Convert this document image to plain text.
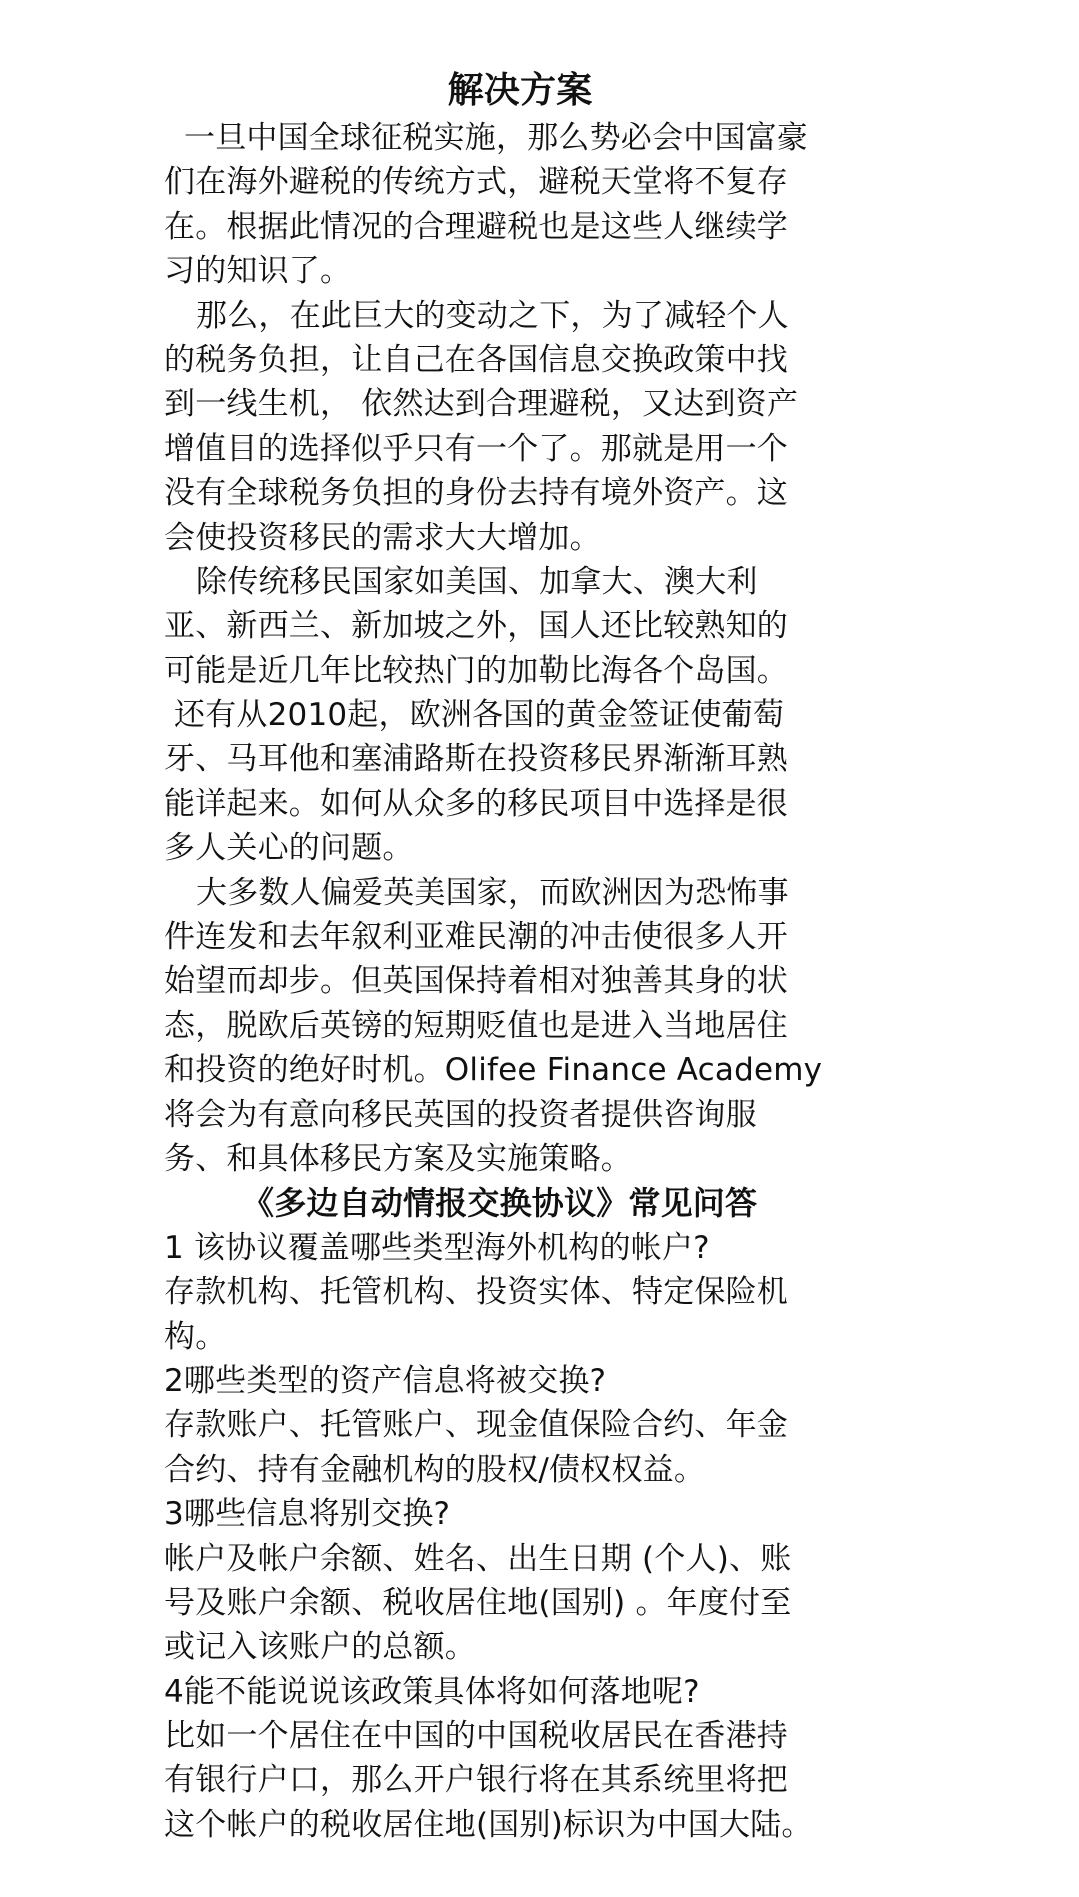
解决方案
一旦中国全球征税实施，那么势必会中国富豪
们在海外避税的传统方式，避税天堂将不复存
在。根据此情况的合理避税也是这些人继续学
习的知识了。
那么，在此巨大的变动之下，为了减轻个人
的税务负担，让自己在各国信息交换政策中找
到一线生机， 依然达到合理避税，又达到资产
增值目的选择似乎只有一个了。那就是用一个
没有全球税务负担的身份去持有境外资产。这
会使投资移民的需求大大增加。
除传统移民国家如美国、加拿大、澳大利
亚、新西兰、新加坡之外，国人还比较熟知的
可能是近几年比较热门的加勒比海各个岛国。
还有从2010起，欧洲各国的黄金签证使葡萄
牙、马耳他和塞浦路斯在投资移民界渐渐耳熟
能详起来。如何从众多的移民项目中选择是很
多人关心的问题。
大多数人偏爱英美国家，而欧洲因为恐怖事
件连发和去年叙利亚难民潮的冲击使很多人开
始望而却步。但英国保持着相对独善其身的状
态，脱欧后英镑的短期贬值也是进入当地居住
和投资的绝好时机。Olifee Finance Academy
将会为有意向移民英国的投资者提供咨询服
务、和具体移民方案及实施策略。
《多边自动情报交换协议》常见问答
1 该协议覆盖哪些类型海外机构的帐户?
存款机构、托管机构、投资实体、特定保险机
构。
2哪些类型的资产信息将被交换?
存款账户、托管账户、现金值保险合约、年金
合约、持有金融机构的股权/债权权益。
3哪些信息将别交换?
帐户及帐户余额、姓名、出生日期 (个人)、账
号及账户余额、税收居住地(国别) 。年度付至
或记入该账户的总额。
4能不能说说该政策具体将如何落地呢?
比如一个居住在中国的中国税收居民在香港持
有银行户口，那么开户银行将在其系统里将把
这个帐户的税收居住地(国别)标识为中国大陆。
